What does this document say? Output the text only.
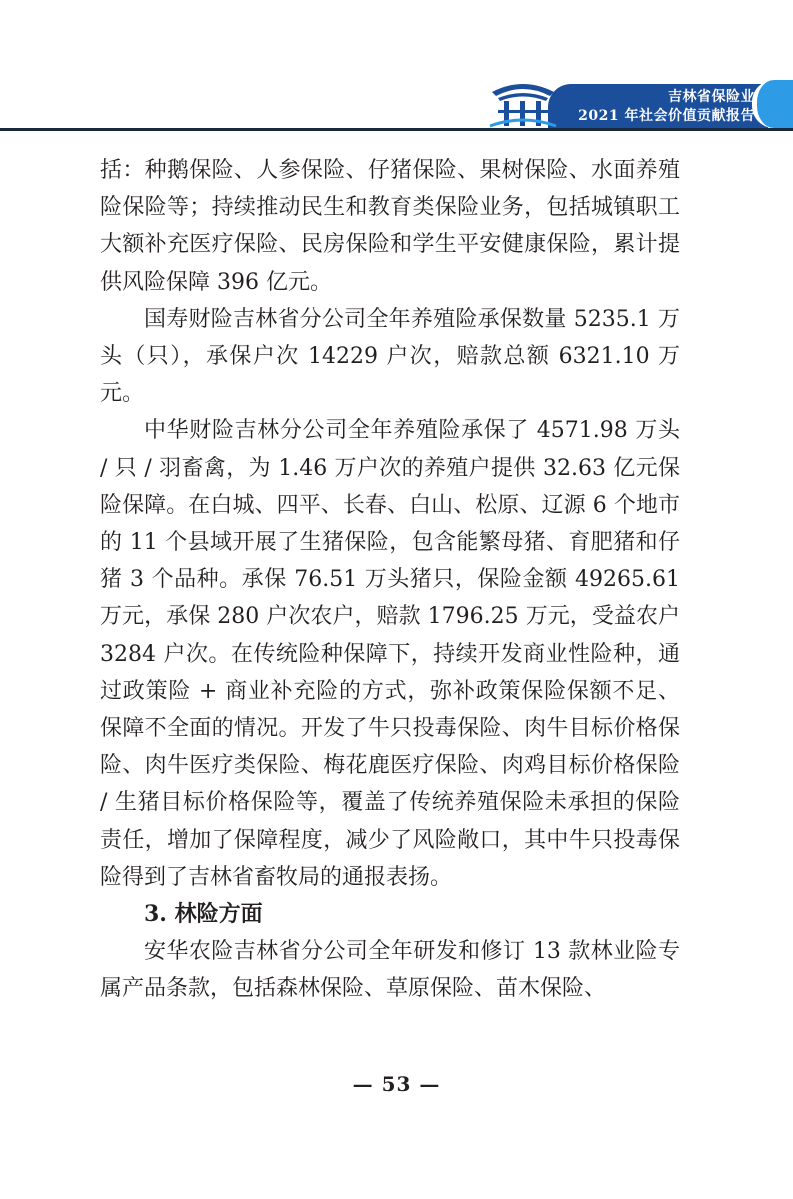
吉林省保险业
2021 年社会价值贡献报告

括：种鹅保险、人参保险、仔猪保险、果树保险、水面养殖险保险等；持续推动民生和教育类保险业务，包括城镇职工大额补充医疗保险、民房保险和学生平安健康保险，累计提供风险保障 396 亿元。

国寿财险吉林省分公司全年养殖险承保数量 5235.1 万头（只），承保户次 14229 户次，赔款总额 6321.10 万元。

中华财险吉林分公司全年养殖险承保了 4571.98 万头 / 只 / 羽畜禽，为 1.46 万户次的养殖户提供 32.63 亿元保险保障。在白城、四平、长春、白山、松原、辽源 6 个地市的 11 个县域开展了生猪保险，包含能繁母猪、育肥猪和仔猪 3 个品种。承保 76.51 万头猪只，保险金额 49265.61 万元，承保 280 户次农户，赔款 1796.25 万元，受益农户 3284 户次。在传统险种保障下，持续开发商业性险种，通过政策险 + 商业补充险的方式，弥补政策保险保额不足、保障不全面的情况。开发了牛只投毒保险、肉牛目标价格保险、肉牛医疗类保险、梅花鹿医疗保险、肉鸡目标价格保险 / 生猪目标价格保险等，覆盖了传统养殖保险未承担的保险责任，增加了保障程度，减少了风险敞口，其中牛只投毒保险得到了吉林省畜牧局的通报表扬。

3. 林险方面

安华农险吉林省分公司全年研发和修订 13 款林业险专属产品条款，包括森林保险、草原保险、苗木保险、

— 53 —
